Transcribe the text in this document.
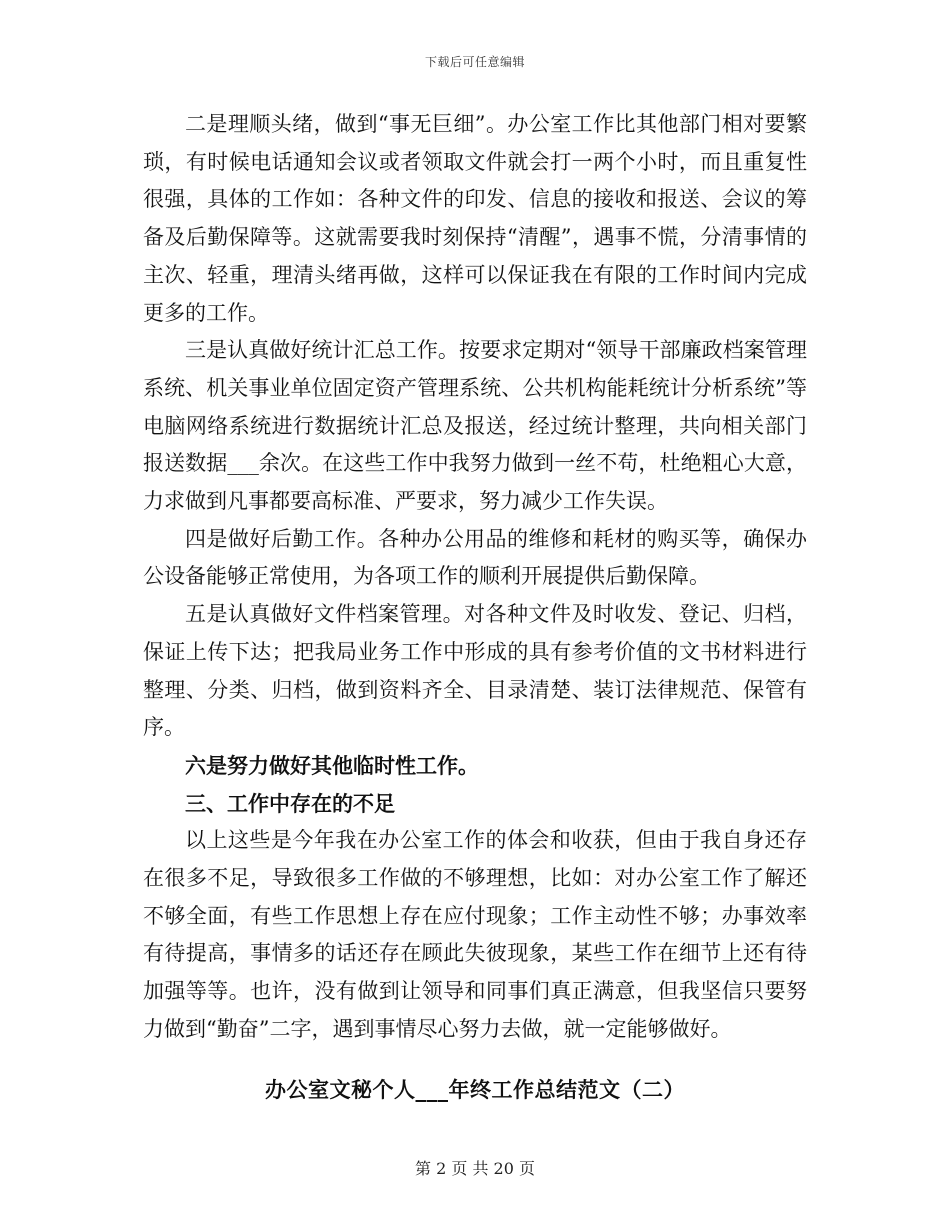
下载后可任意编辑

二是理顺头绪，做到“事无巨细”。办公室工作比其他部门相对要繁琐，有时候电话通知会议或者领取文件就会打一两个小时，而且重复性很强，具体的工作如：各种文件的印发、信息的接收和报送、会议的筹备及后勤保障等。这就需要我时刻保持“清醒”，遇事不慌，分清事情的主次、轻重，理清头绪再做，这样可以保证我在有限的工作时间内完成更多的工作。

三是认真做好统计汇总工作。按要求定期对“领导干部廉政档案管理系统、机关事业单位固定资产管理系统、公共机构能耗统计分析系统”等电脑网络系统进行数据统计汇总及报送，经过统计整理，共向相关部门报送数据___余次。在这些工作中我努力做到一丝不苟，杜绝粗心大意，力求做到凡事都要高标准、严要求，努力减少工作失误。

四是做好后勤工作。各种办公用品的维修和耗材的购买等，确保办公设备能够正常使用，为各项工作的顺利开展提供后勤保障。

五是认真做好文件档案管理。对各种文件及时收发、登记、归档，保证上传下达；把我局业务工作中形成的具有参考价值的文书材料进行整理、分类、归档，做到资料齐全、目录清楚、装订法律规范、保管有序。

六是努力做好其他临时性工作。

三、工作中存在的不足

以上这些是今年我在办公室工作的体会和收获，但由于我自身还存在很多不足，导致很多工作做的不够理想，比如：对办公室工作了解还不够全面，有些工作思想上存在应付现象；工作主动性不够；办事效率有待提高，事情多的话还存在顾此失彼现象，某些工作在细节上还有待加强等等。也许，没有做到让领导和同事们真正满意，但我坚信只要努力做到“勤奋”二字，遇到事情尽心努力去做，就一定能够做好。

办公室文秘个人___年终工作总结范文（二）
第 2 页 共 20 页
